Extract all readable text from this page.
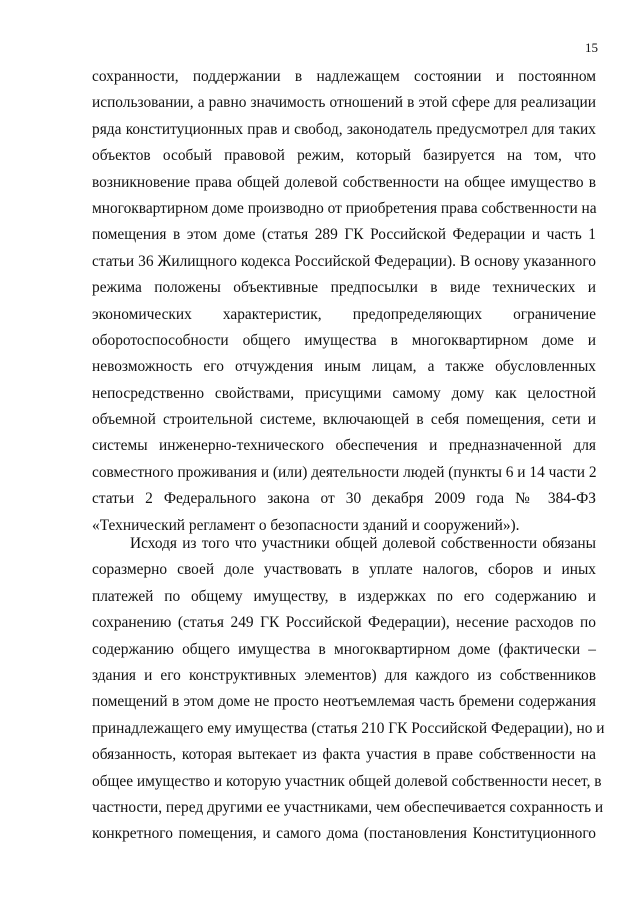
15
сохранности, поддержании в надлежащем состоянии и постоянном
использовании, а равно значимость отношений в этой сфере для реализации
ряда конституционных прав и свобод, законодатель предусмотрел для таких
объектов особый правовой режим, который базируется на том, что
возникновение права общей долевой собственности на общее имущество в
многоквартирном доме производно от приобретения права собственности на
помещения в этом доме (статья 289 ГК Российской Федерации и часть 1
статьи 36 Жилищного кодекса Российской Федерации). В основу указанного
режима положены объективные предпосылки в виде технических и
экономических характеристик, предопределяющих ограничение
оборотоспособности общего имущества в многоквартирном доме и
невозможность его отчуждения иным лицам, а также обусловленных
непосредственно свойствами, присущими самому дому как целостной
объемной строительной системе, включающей в себя помещения, сети и
системы инженерно-технического обеспечения и предназначенной для
совместного проживания и (или) деятельности людей (пункты 6 и 14 части 2
статьи 2 Федерального закона от 30 декабря 2009 года № 384-ФЗ
«Технический регламент о безопасности зданий и сооружений»).
Исходя из того что участники общей долевой собственности обязаны
соразмерно своей доле участвовать в уплате налогов, сборов и иных
платежей по общему имуществу, в издержках по его содержанию и
сохранению (статья 249 ГК Российской Федерации), несение расходов по
содержанию общего имущества в многоквартирном доме (фактически –
здания и его конструктивных элементов) для каждого из собственников
помещений в этом доме не просто неотъемлемая часть бремени содержания
принадлежащего ему имущества (статья 210 ГК Российской Федерации), но и
обязанность, которая вытекает из факта участия в праве собственности на
общее имущество и которую участник общей долевой собственности несет, в
частности, перед другими ее участниками, чем обеспечивается сохранность и
конкретного помещения, и самого дома (постановления Конституционного
